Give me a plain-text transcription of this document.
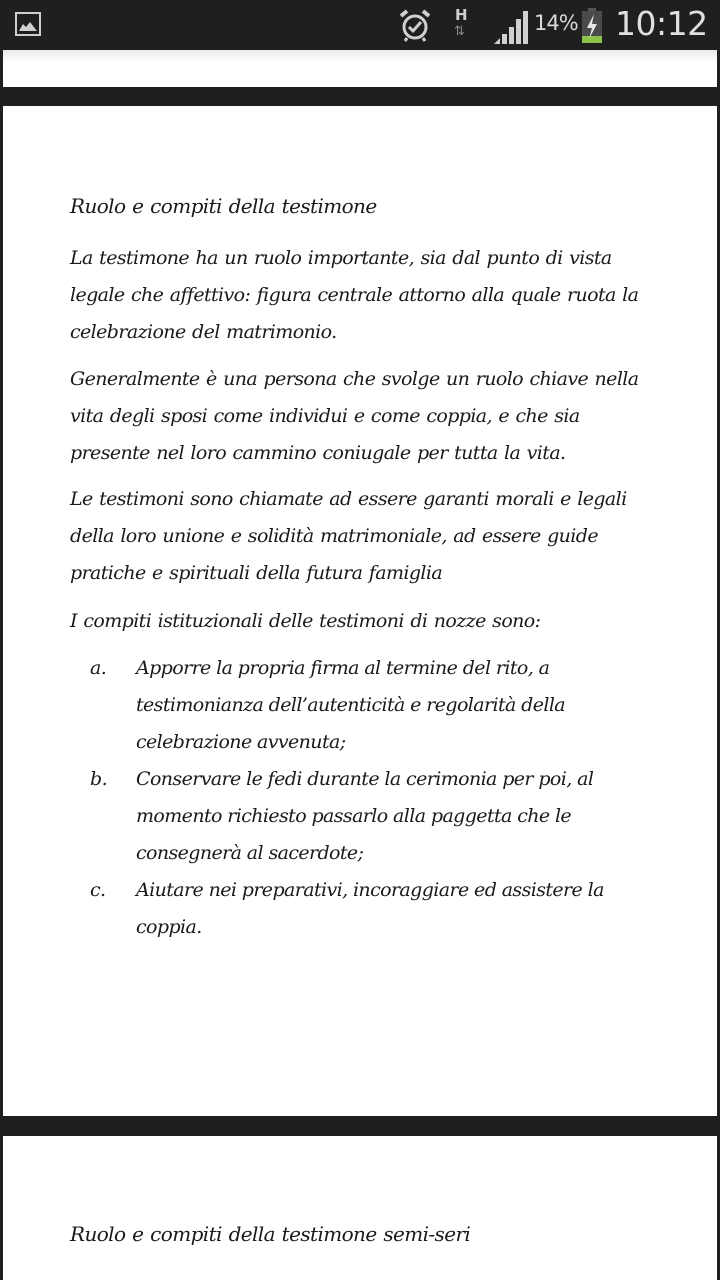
H
⇅	14% 10:12
Ruolo e compiti della testimone
La testimone ha un ruolo importante, sia dal punto di vista legale che affettivo: figura centrale attorno alla quale ruota la celebrazione del matrimonio.
Generalmente è una persona che svolge un ruolo chiave nella vita degli sposi come individui e come coppia, e che sia presente nel loro cammino coniugale per tutta la vita.
Le testimoni sono chiamate ad essere garanti morali e legali della loro unione e solidità matrimoniale, ad essere guide pratiche e spirituali della futura famiglia
I compiti istituzionali delle testimoni di nozze sono:
a. Apporre la propria firma al termine del rito, a testimonianza dell’autenticità e regolarità della celebrazione avvenuta;
b. Conservare le fedi durante la cerimonia per poi, al momento richiesto passarlo alla paggetta che le consegnerà al sacerdote;
c. Aiutare nei preparativi, incoraggiare ed assistere la coppia.
Ruolo e compiti della testimone semi-seri
